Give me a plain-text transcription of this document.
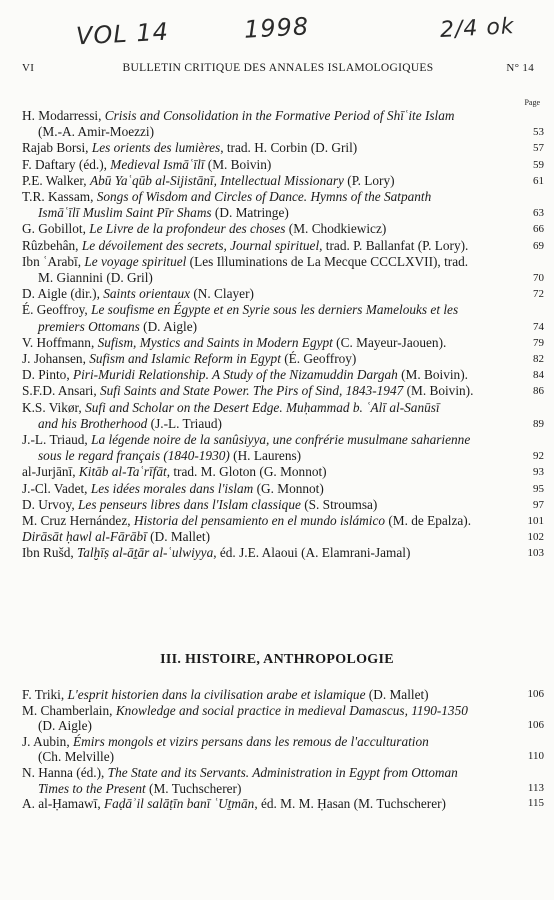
VOL 14	1998	2/4 ok
VI	BULLETIN CRITIQUE DES ANNALES ISLAMOLOGIQUES	N° 14
Page
H. Modarressi, Crisis and Consolidation in the Formative Period of Shīʿite Islam
(M.-A. Amir-Moezzi)	53
Rajab Borsi, Les orients des lumières, trad. H. Corbin (D. Gril)	57
F. Daftary (éd.), Medieval Ismāʿīlī (M. Boivin)	59
P.E. Walker, Abū Yaʿqūb al-Sijistānī, Intellectual Missionary (P. Lory)	61
T.R. Kassam, Songs of Wisdom and Circles of Dance. Hymns of the Satpanth
Ismāʿīlī Muslim Saint Pīr Shams (D. Matringe)	63
G. Gobillot, Le Livre de la profondeur des choses (M. Chodkiewicz)	66
Rûzbehân, Le dévoilement des secrets, Journal spirituel, trad. P. Ballanfat (P. Lory).	69
Ibn ʿArabī, Le voyage spirituel (Les Illuminations de La Mecque CCCLXVII), trad.
M. Giannini (D. Gril)	70
D. Aigle (dir.), Saints orientaux (N. Clayer)	72
É. Geoffroy, Le soufisme en Égypte et en Syrie sous les derniers Mamelouks et les
premiers Ottomans (D. Aigle)	74
V. Hoffmann, Sufism, Mystics and Saints in Modern Egypt (C. Mayeur-Jaouen).	79
J. Johansen, Sufism and Islamic Reform in Egypt (É. Geoffroy)	82
D. Pinto, Piri-Muridi Relationship. A Study of the Nizamuddin Dargah (M. Boivin).	84
S.F.D. Ansari, Sufi Saints and State Power. The Pirs of Sind, 1843-1947 (M. Boivin).	86
K.S. Vikør, Sufi and Scholar on the Desert Edge. Muḥammad b. ʿAlī al-Sanūsī
and his Brotherhood (J.-L. Triaud)	89
J.-L. Triaud, La légende noire de la sanûsiyya, une confrérie musulmane saharienne
sous le regard français (1840-1930) (H. Laurens)	92
al-Jurjānī, Kitāb al-Taʿrīfāt, trad. M. Gloton (G. Monnot)	93
J.-Cl. Vadet, Les idées morales dans l'islam (G. Monnot)	95
D. Urvoy, Les penseurs libres dans l'Islam classique (S. Stroumsa)	97
M. Cruz Hernández, Historia del pensamiento en el mundo islámico (M. de Epalza).	101
Dirāsāt ḥawl al-Fārābī (D. Mallet)	102
Ibn Rušd, Talḫīṣ al-āṯār al-ʿulwiyya, éd. J.E. Alaoui (A. Elamrani-Jamal)	103
III. HISTOIRE, ANTHROPOLOGIE
F. Triki, L'esprit historien dans la civilisation arabe et islamique (D. Mallet)	106
M. Chamberlain, Knowledge and social practice in medieval Damascus, 1190-1350
(D. Aigle)	106
J. Aubin, Émirs mongols et vizirs persans dans les remous de l'acculturation
(Ch. Melville)	110
N. Hanna (éd.), The State and its Servants. Administration in Egypt from Ottoman
Times to the Present (M. Tuchscherer)	113
A. al-Ḥamawī, Faḍāʾil salāṭīn banī ʿUṯmān, éd. M. M. Ḥasan (M. Tuchscherer)	115
